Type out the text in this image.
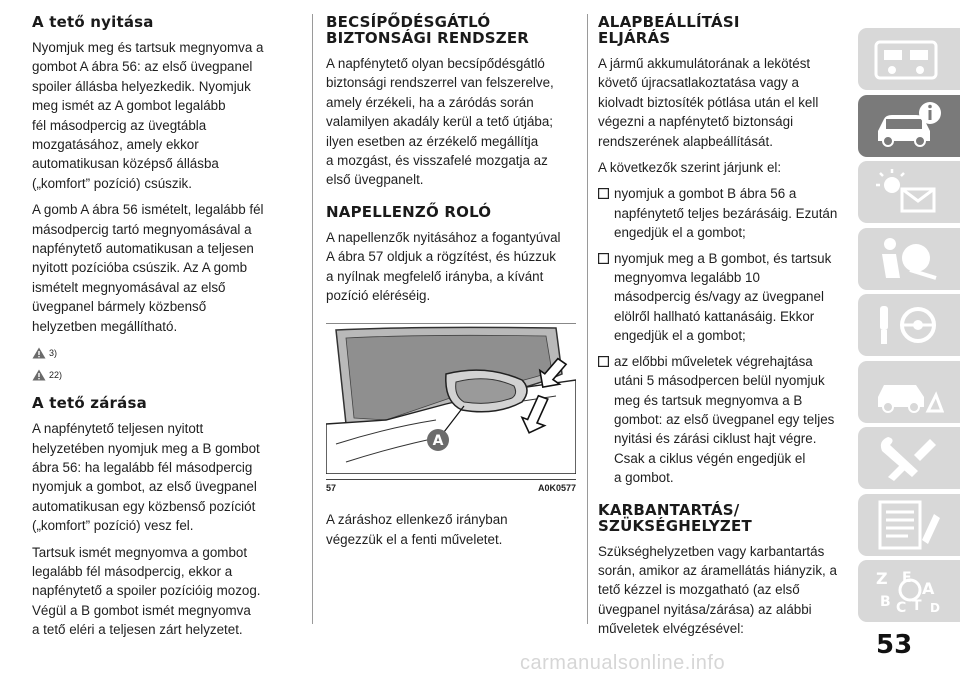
A tető nyitása

Nyomjuk meg és tartsuk megnyomva a
gombot A ábra 56: az első üvegpanel
spoiler állásba helyezkedik. Nyomjuk
meg ismét az A gombot legalább
fél másodpercig az üvegtábla
mozgatásához, amely ekkor
automatikusan középső állásba
(„komfort” pozíció) csúszik.

A gomb A ábra 56 ismételt, legalább fél
másodpercig tartó megnyomásával a
napfénytető automatikusan a teljesen
nyitott pozícióba csúszik. Az A gomb
ismételt megnyomásával az első
üvegpanel bármely közbenső
helyzetben megállítható.

3)
22)
A tető zárása

A napfénytető teljesen nyitott
helyzetében nyomjuk meg a B gombot
ábra 56: ha legalább fél másodpercig
nyomjuk a gombot, az első üvegpanel
automatikusan egy közbenső pozíciót
(„komfort” pozíció) vesz fel.

Tartsuk ismét megnyomva a gombot
legalább fél másodpercig, ekkor a
napfénytető a spoiler pozícióig mozog.
Végül a B gombot ismét megnyomva
a tető eléri a teljesen zárt helyzetet.

BECSÍPŐDÉSGÁTLÓ
BIZTONSÁGI RENDSZER

A napfénytető olyan becsípődésgátló
biztonsági rendszerrel van felszerelve,
amely érzékeli, ha a záródás során
valamilyen akadály kerül a tető útjába;
ilyen esetben az érzékelő megállítja
a mozgást, és visszafelé mozgatja az
első üvegpanelt.

NAPELLENZŐ ROLÓ

A napellenzők nyitásához a fogantyúval
A ábra 57 oldjuk a rögzítést, és húzzuk
a nyílnak megfelelő irányba, a kívánt
pozíció eléréséig.

A
57	A0K0577

A záráshoz ellenkező irányban
végezzük el a fenti műveletet.

ALAPBEÁLLÍTÁSI
ELJÁRÁS

A jármű akkumulátorának a lekötést
követő újracsatlakoztatása vagy a
kiolvadt biztosíték pótlása után el kell
végezni a napfénytető biztonsági
rendszerének alapbeállítását.

A következők szerint járjunk el:

nyomjuk a gombot B ábra 56 a
napfénytető teljes bezárásáig. Ezután
engedjük el a gombot;
nyomjuk meg a B gombot, és tartsuk
megnyomva legalább 10
másodpercig és/vagy az üvegpanel
elölről hallható kattanásáig. Ekkor
engedjük el a gombot;
az előbbi műveletek végrehajtása
utáni 5 másodpercen belül nyomjuk
meg és tartsuk megnyomva a B
gombot: az első üvegpanel egy teljes
nyitási és zárási ciklust hajt végre.
Csak a ciklus végén engedjük el
a gombot.
KARBANTARTÁS/
SZÜKSÉGHELYZET

Szükséghelyzetben vagy karbantartás
során, amikor az áramellátás hiányzik, a
tető kézzel is mozgatható (az első
üvegpanel nyitása/zárása) az alábbi
műveletek elvégzésével:

Z E
A
B C T D
53
carmanualsonline.info
